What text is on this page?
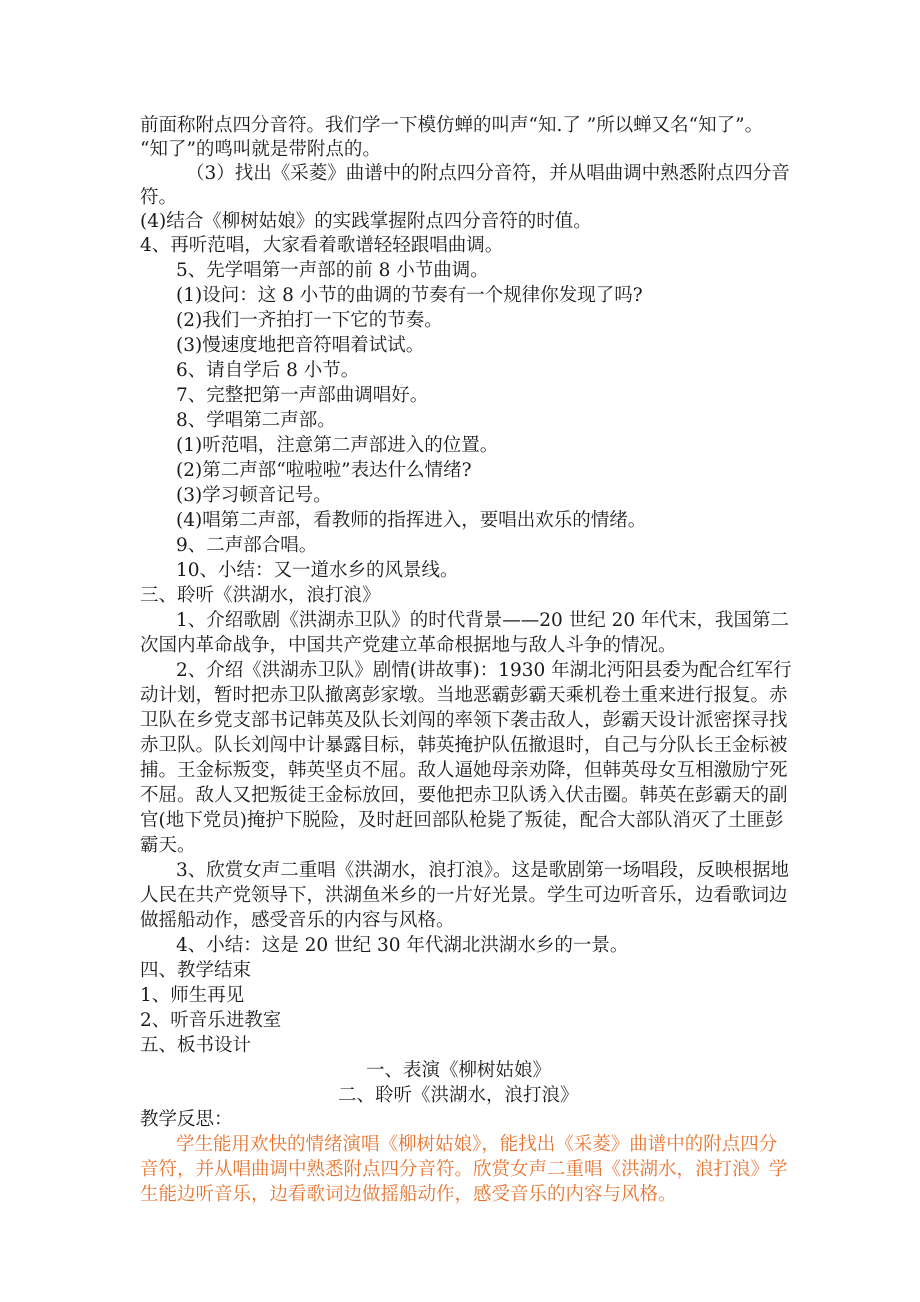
前面称附点四分音符。我们学一下模仿蝉的叫声“知.了 ”所以蝉又名“知了”。
“知了”的鸣叫就是带附点的。
（3）找出《采菱》曲谱中的附点四分音符，并从唱曲调中熟悉附点四分音
符。
(4)结合《柳树姑娘》的实践掌握附点四分音符的时值。
4、再听范唱，大家看着歌谱轻轻跟唱曲调。
5、先学唱第一声部的前 8 小节曲调。
(1)设问：这 8 小节的曲调的节奏有一个规律你发现了吗?
(2)我们一齐拍打一下它的节奏。
(3)慢速度地把音符唱着试试。
6、请自学后 8 小节。
7、完整把第一声部曲调唱好。
8、学唱第二声部。
(1)听范唱，注意第二声部进入的位置。
(2)第二声部“啦啦啦”表达什么情绪?
(3)学习顿音记号。
(4)唱第二声部，看教师的指挥进入，要唱出欢乐的情绪。
9、二声部合唱。
10、小结：又一道水乡的风景线。
三、聆听《洪湖水，浪打浪》
1、介绍歌剧《洪湖赤卫队》的时代背景——20 世纪 20 年代末，我国第二
次国内革命战争，中国共产党建立革命根据地与敌人斗争的情况。
2、介绍《洪湖赤卫队》剧情(讲故事)：1930 年湖北沔阳县委为配合红军行
动计划，暂时把赤卫队撤离彭家墩。当地恶霸彭霸天乘机卷土重来进行报复。赤
卫队在乡党支部书记韩英及队长刘闯的率领下袭击敌人，彭霸天设计派密探寻找
赤卫队。队长刘闯中计暴露目标，韩英掩护队伍撤退时，自己与分队长王金标被
捕。王金标叛变，韩英坚贞不屈。敌人逼她母亲劝降，但韩英母女互相激励宁死
不屈。敌人又把叛徒王金标放回，要他把赤卫队诱入伏击圈。韩英在彭霸天的副
官(地下党员)掩护下脱险，及时赶回部队枪毙了叛徒，配合大部队消灭了土匪彭
霸天。
3、欣赏女声二重唱《洪湖水，浪打浪》。这是歌剧第一场唱段，反映根据地
人民在共产党领导下，洪湖鱼米乡的一片好光景。学生可边听音乐，边看歌词边
做摇船动作，感受音乐的内容与风格。
4、小结：这是 20 世纪 30 年代湖北洪湖水乡的一景。
四、教学结束
1、师生再见
2、听音乐进教室
五、板书设计
一、表演《柳树姑娘》
二、聆听《洪湖水，浪打浪》
教学反思：
学生能用欢快的情绪演唱《柳树姑娘》，能找出《采菱》曲谱中的附点四分
音符，并从唱曲调中熟悉附点四分音符。欣赏女声二重唱《洪湖水，浪打浪》学
生能边听音乐，边看歌词边做摇船动作，感受音乐的内容与风格。
